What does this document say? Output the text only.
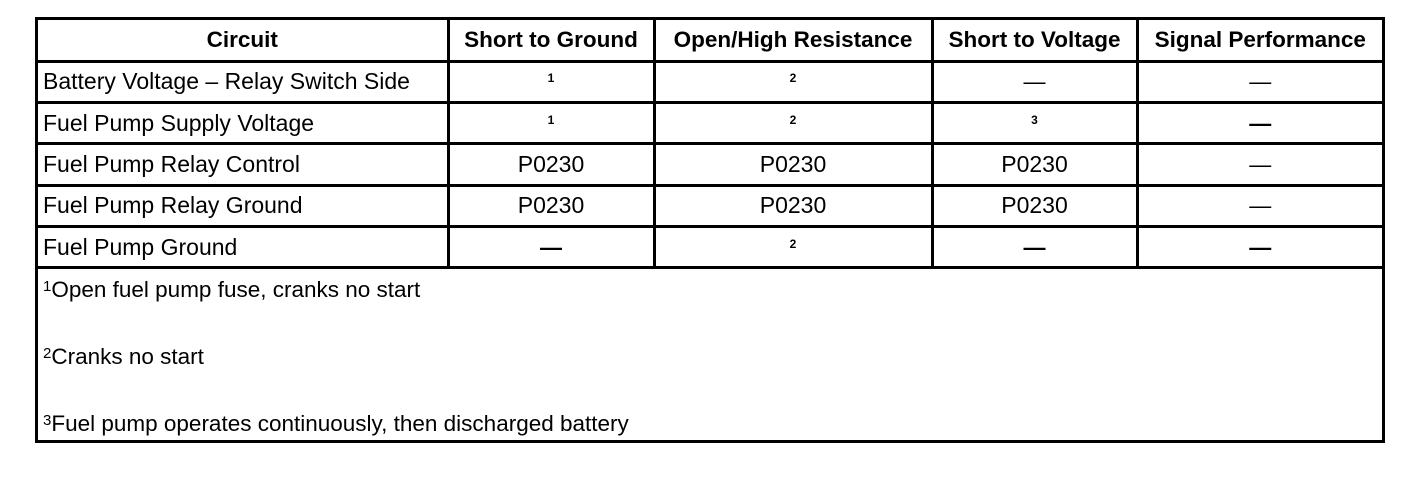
Circuit	Short to Ground	Open/High Resistance	Short to Voltage	Signal Performance
Battery Voltage – Relay Switch Side	$^1$	$^2$	—	—
Fuel Pump Supply Voltage	$^1$	$^2$	$^3$	—
Fuel Pump Relay Control	P0230	P0230	P0230	—
Fuel Pump Relay Ground	P0230	P0230	P0230	—
Fuel Pump Ground	—	$^2$	—	—
$^1$Open fuel pump fuse, cranks no start
$^2$Cranks no start
$^3$Fuel pump operates continuously, then discharged battery
